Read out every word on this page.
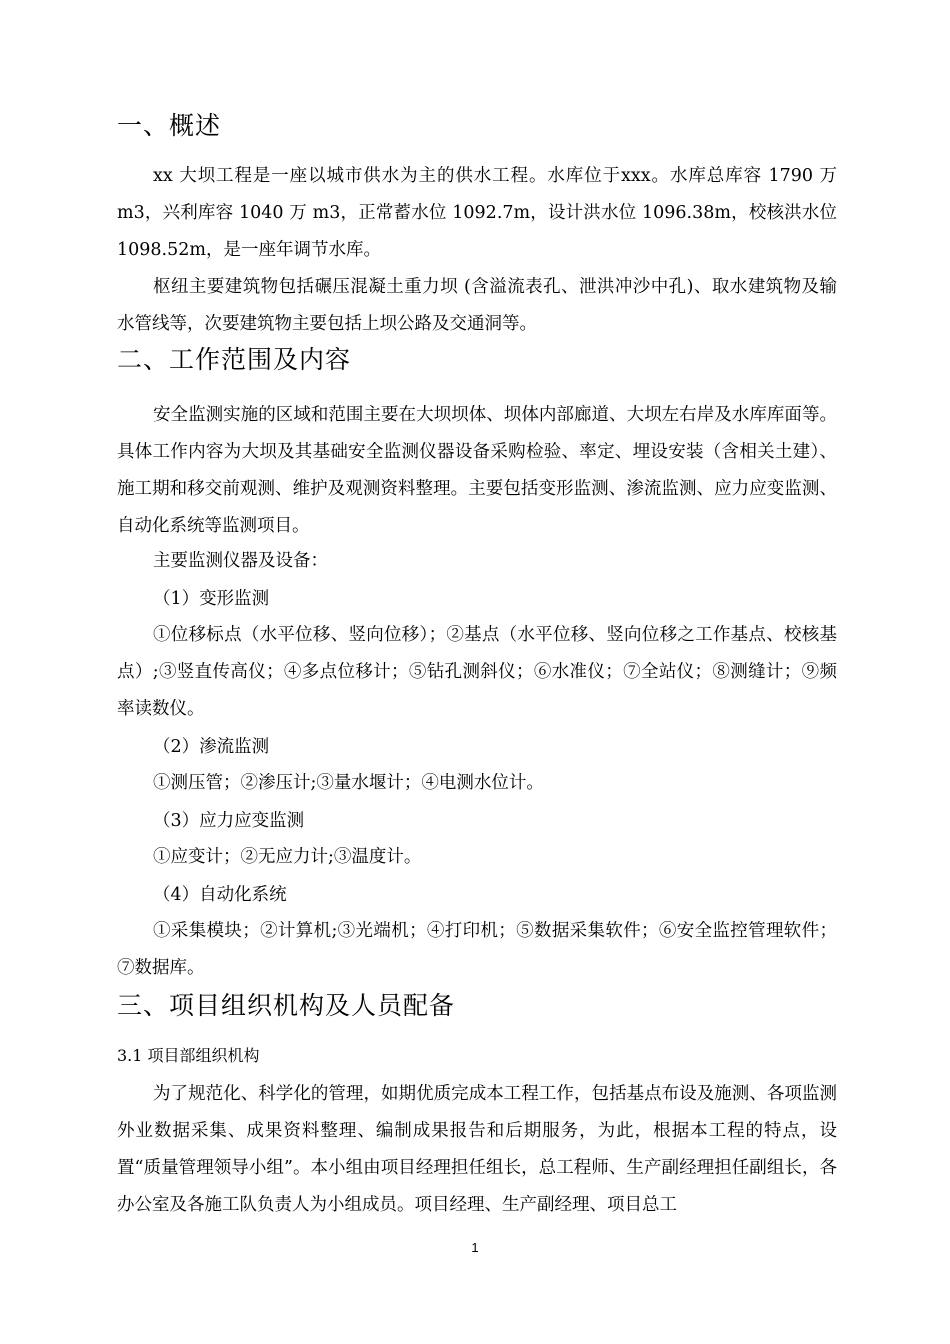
一、概述

xx 大坝工程是一座以城市供水为主的供水工程。水库位于xxx。水库总库容 1790 万 m3，兴利库容 1040 万 m3，正常蓄水位 1092.7m，设计洪水位 1096.38m，校核洪水位 1098.52m，是一座年调节水库。

枢纽主要建筑物包括碾压混凝土重力坝 (含溢流表孔、泄洪冲沙中孔)、取水建筑物及输水管线等，次要建筑物主要包括上坝公路及交通洞等。

二、工作范围及内容

安全监测实施的区域和范围主要在大坝坝体、坝体内部廊道、大坝左右岸及水库库面等。具体工作内容为大坝及其基础安全监测仪器设备采购检验、率定、埋设安装（含相关土建）、施工期和移交前观测、维护及观测资料整理。主要包括变形监测、渗流监测、应力应变监测、自动化系统等监测项目。

主要监测仪器及设备：
（1）变形监测

①位移标点（水平位移、竖向位移）；②基点（水平位移、竖向位移之工作基点、校核基点）;③竖直传高仪；④多点位移计；⑤钻孔测斜仪；⑥水准仪；⑦全站仪；⑧测缝计；⑨频率读数仪。

（2）渗流监测

①测压管；②渗压计;③量水堰计；④电测水位计。

（3）应力应变监测

①应变计；②无应力计;③温度计。

（4）自动化系统

①采集模块；②计算机;③光端机；④打印机；⑤数据采集软件；⑥安全监控管理软件；⑦数据库。

三、项目组织机构及人员配备
3.1 项目部组织机构

为了规范化、科学化的管理，如期优质完成本工程工作，包括基点布设及施测、各项监测外业数据采集、成果资料整理、编制成果报告和后期服务，为此，根据本工程的特点，设置“质量管理领导小组”。本小组由项目经理担任组长，总工程师、生产副经理担任副组长，各办公室及各施工队负责人为小组成员。项目经理、生产副经理、项目总工

1
